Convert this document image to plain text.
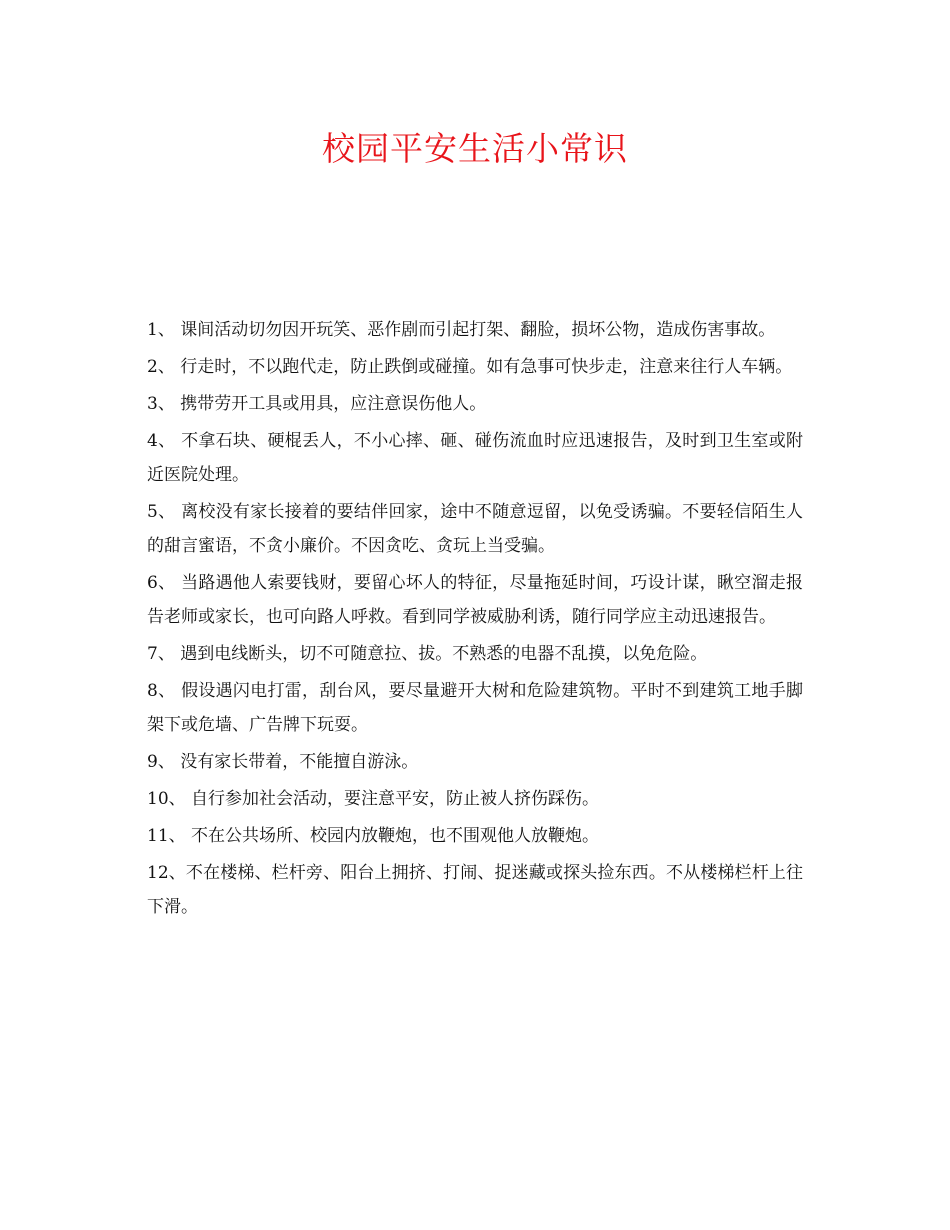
校园平安生活小常识
1、 课间活动切勿因开玩笑、恶作剧而引起打架、翻脸，损坏公物，造成伤害事故。
2、 行走时，不以跑代走，防止跌倒或碰撞。如有急事可快步走，注意来往行人车辆。
3、 携带劳开工具或用具，应注意误伤他人。
4、 不拿石块、硬棍丢人，不小心摔、砸、碰伤流血时应迅速报告，及时到卫生室或附近医院处理。
5、 离校没有家长接着的要结伴回家，途中不随意逗留，以免受诱骗。不要轻信陌生人的甜言蜜语，不贪小廉价。不因贪吃、贪玩上当受骗。
6、 当路遇他人索要钱财，要留心坏人的特征，尽量拖延时间，巧设计谋，瞅空溜走报告老师或家长，也可向路人呼救。看到同学被威胁利诱，随行同学应主动迅速报告。
7、 遇到电线断头，切不可随意拉、拔。不熟悉的电器不乱摸，以免危险。
8、 假设遇闪电打雷，刮台风，要尽量避开大树和危险建筑物。平时不到建筑工地手脚架下或危墙、广告牌下玩耍。
9、 没有家长带着，不能擅自游泳。
10、 自行参加社会活动，要注意平安，防止被人挤伤踩伤。
11、 不在公共场所、校园内放鞭炮，也不围观他人放鞭炮。
12、不在楼梯、栏杆旁、阳台上拥挤、打闹、捉迷藏或探头捡东西。不从楼梯栏杆上往下滑。
